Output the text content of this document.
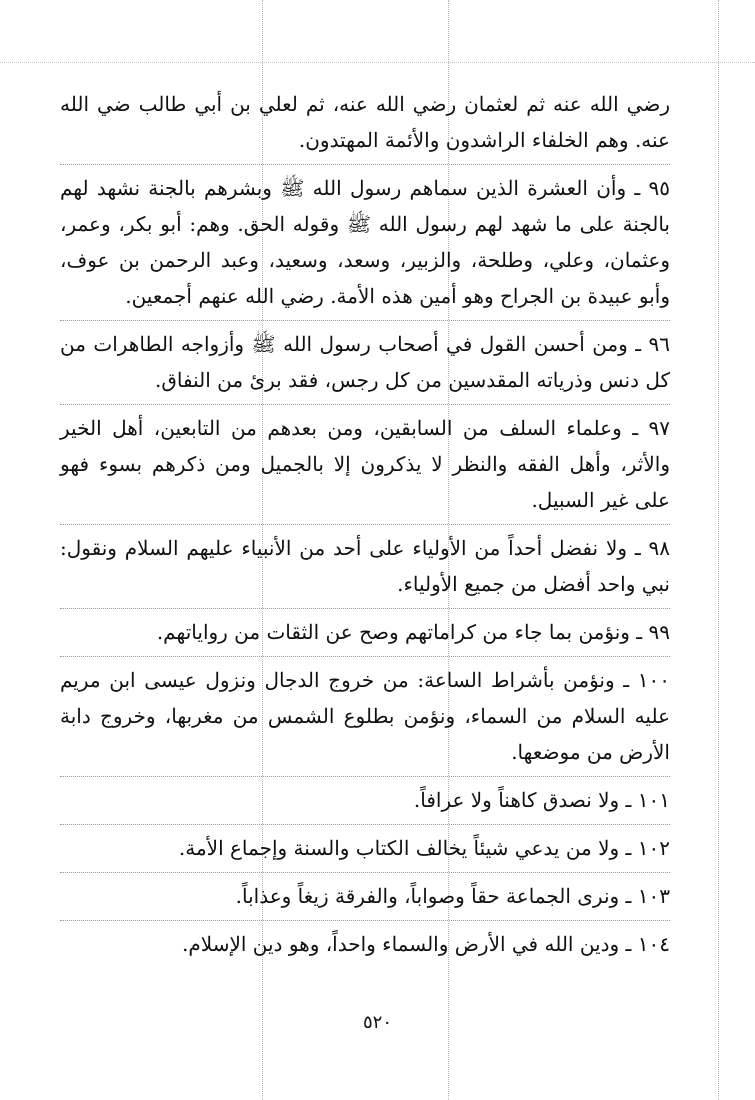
رضي الله عنه ثم لعثمان رضي الله عنه، ثم لعلي بن أبي طالب ضي الله عنه. وهم الخلفاء الراشدون والأئمة المهتدون.

٩٥ ـ وأن العشرة الذين سماهم رسول الله ﷺ وبشرهم بالجنة نشهد لهم بالجنة على ما شهد لهم رسول الله ﷺ وقوله الحق. وهم: أبو بكر، وعمر، وعثمان، وعلي، وطلحة، والزبير، وسعد، وسعيد، وعبد الرحمن بن عوف، وأبو عبيدة بن الجراح وهو أمين هذه الأمة. رضي الله عنهم أجمعين.

٩٦ ـ ومن أحسن القول في أصحاب رسول الله ﷺ وأزواجه الطاهرات من كل دنس وذرياته المقدسين من كل رجس، فقد برئ من النفاق.

٩٧ ـ وعلماء السلف من السابقين، ومن بعدهم من التابعين، أهل الخير والأثر، وأهل الفقه والنظر لا يذكرون إلا بالجميل ومن ذكرهم بسوء فهو على غير السبيل.

٩٨ ـ ولا نفضل أحداً من الأولياء على أحد من الأنبياء عليهم السلام ونقول: نبي واحد أفضل من جميع الأولياء.

٩٩ ـ ونؤمن بما جاء من كراماتهم وصح عن الثقات من رواياتهم.

١٠٠ ـ ونؤمن بأشراط الساعة: من خروج الدجال ونزول عيسى ابن مريم عليه السلام من السماء، ونؤمن بطلوع الشمس من مغربها، وخروج دابة الأرض من موضعها.

١٠١ ـ ولا نصدق كاهناً ولا عرافاً.

١٠٢ ـ ولا من يدعي شيئاً يخالف الكتاب والسنة وإجماع الأمة.

١٠٣ ـ ونرى الجماعة حقاً وصواباً، والفرقة زيغاً وعذاباً.

١٠٤ ـ ودين الله في الأرض والسماء واحداً، وهو دين الإسلام.

٥٢٠
